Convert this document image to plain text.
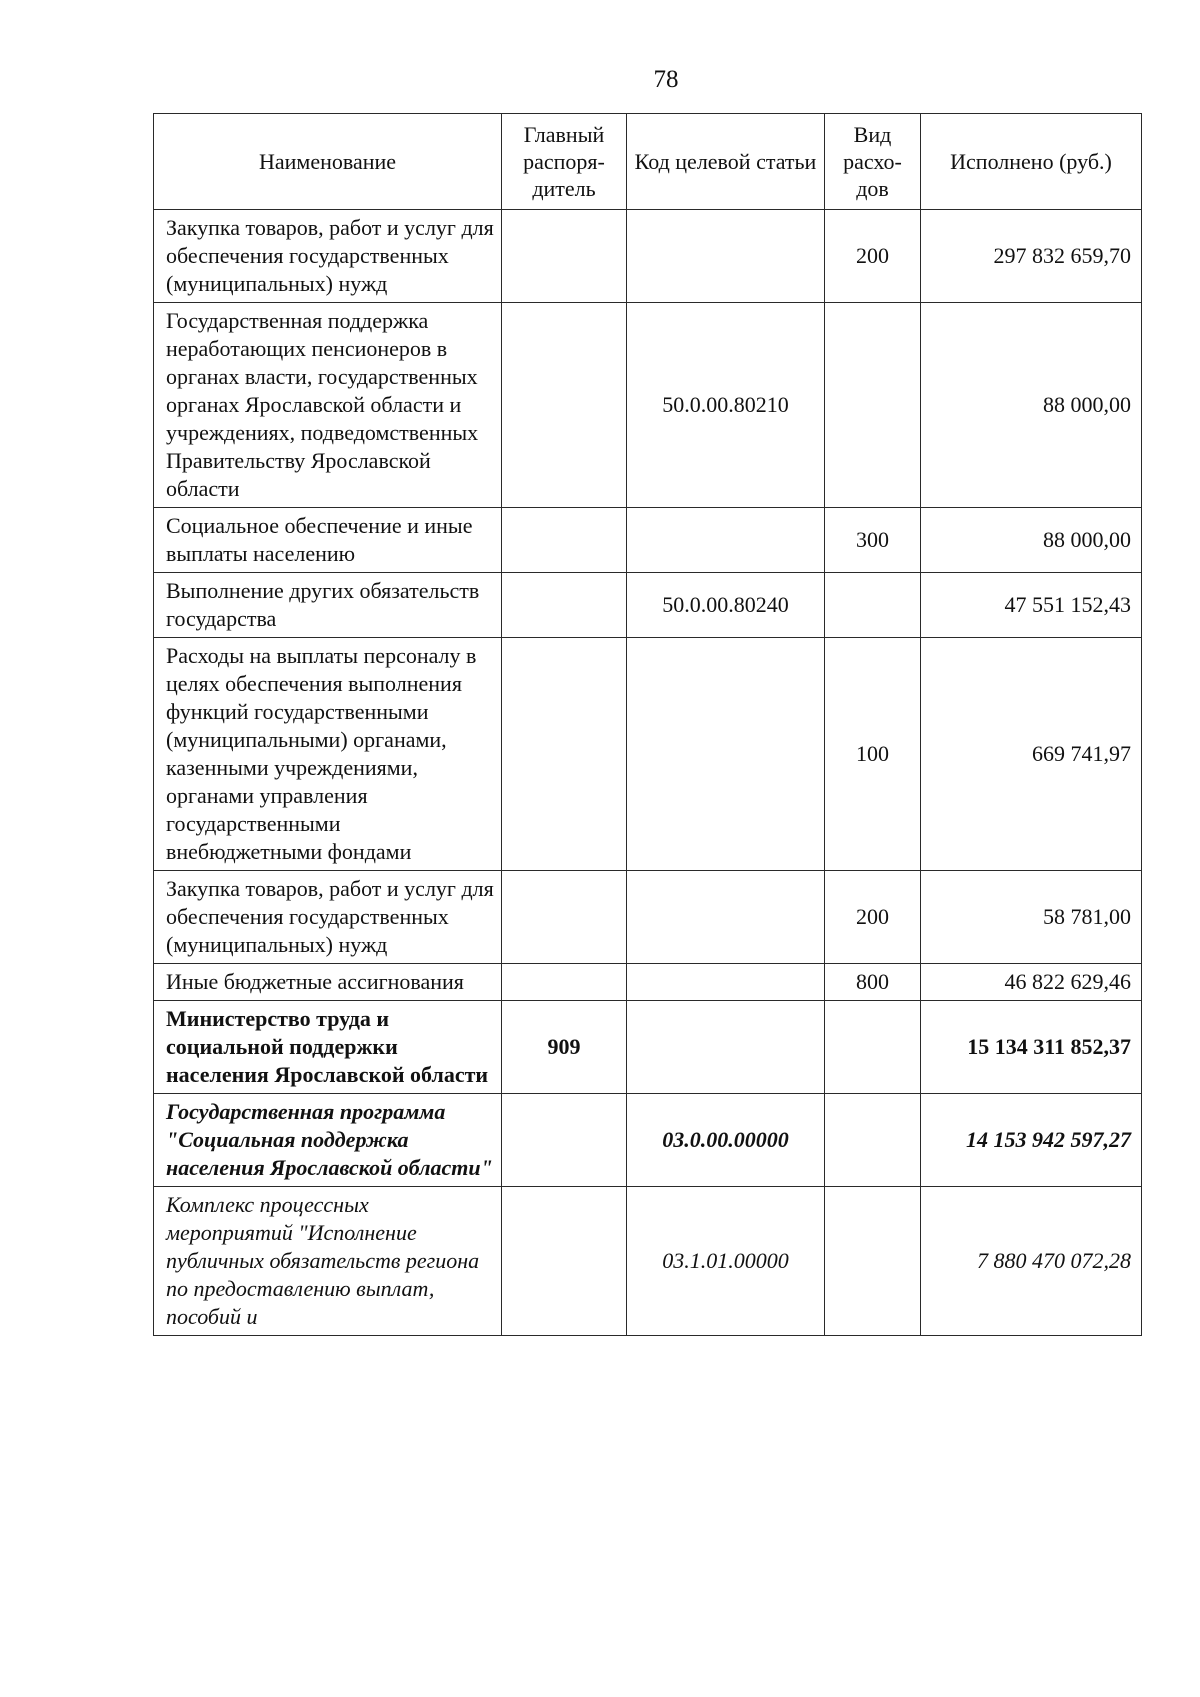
78
Наименование	Главный распоря-дитель	Код целевой статьи	Вид расхо-дов	Исполнено (руб.)
Закупка товаров, работ и услуг для обеспечения государственных (муниципальных) нужд			200	297 832 659,70
Государственная поддержка неработающих пенсионеров в органах власти, государственных органах Ярославской области и учреждениях, подведомственных Правительству Ярославской области		50.0.00.80210		88 000,00
Социальное обеспечение и иные выплаты населению			300	88 000,00
Выполнение других обязательств государства		50.0.00.80240		47 551 152,43
Расходы на выплаты персоналу в целях обеспечения выполнения функций государственными (муниципальными) органами, казенными учреждениями, органами управления государственными внебюджетными фондами			100	669 741,97
Закупка товаров, работ и услуг для обеспечения государственных (муниципальных) нужд			200	58 781,00
Иные бюджетные ассигнования			800	46 822 629,46
Министерство труда и социальной поддержки населения Ярославской области	909			15 134 311 852,37
Государственная программа "Социальная поддержка населения Ярославской области"		03.0.00.00000		14 153 942 597,27
Комплекс процессных мероприятий "Исполнение публичных обязательств региона по предоставлению выплат, пособий и		03.1.01.00000		7 880 470 072,28
